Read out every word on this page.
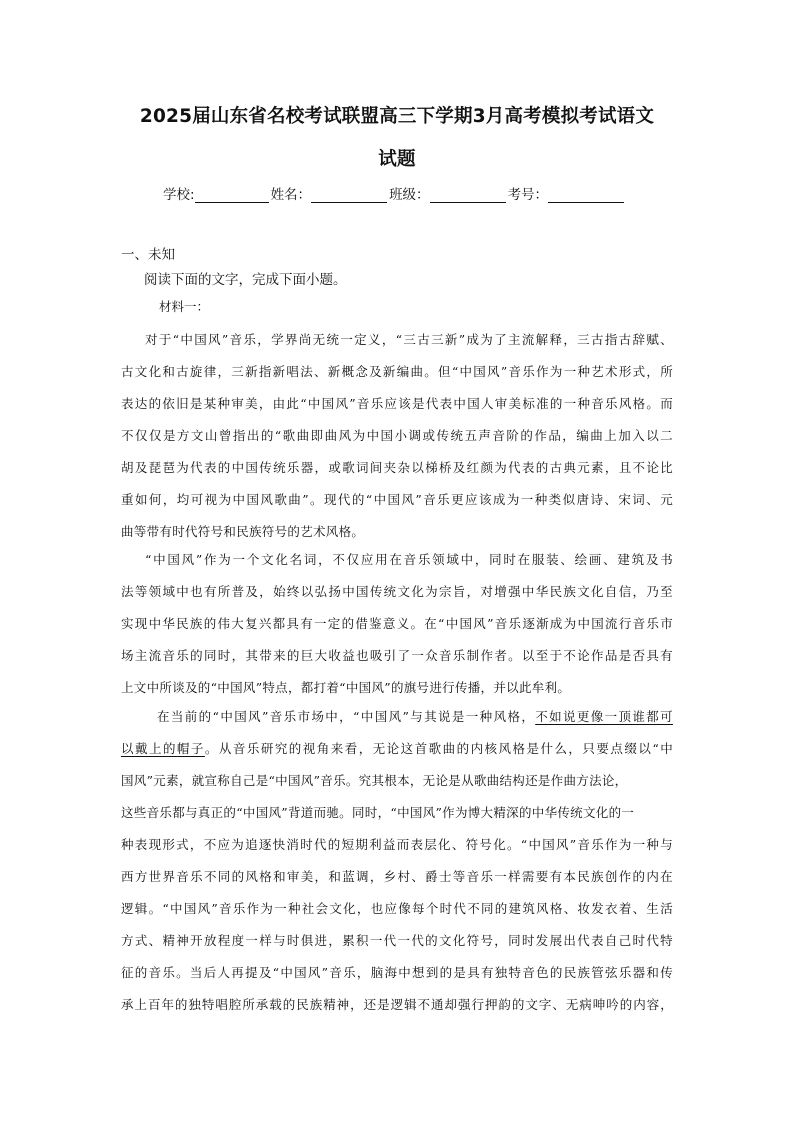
2025届山东省名校考试联盟高三下学期3月高考模拟考试语文
试题
学校:	姓名：	班级：	考号：
一、未知
阅读下面的文字，完成下面小题。
材料一：
对于“中国风”音乐，学界尚无统一定义，“三古三新”成为了主流解释，三古指古辞赋、
古文化和古旋律，三新指新唱法、新概念及新编曲。但“中国风”音乐作为一种艺术形式，所
表达的依旧是某种审美，由此“中国风”音乐应该是代表中国人审美标准的一种音乐风格。而
不仅仅是方文山曾指出的“歌曲即曲风为中国小调或传统五声音阶的作品，编曲上加入以二
胡及琵琶为代表的中国传统乐器，或歌词间夹杂以梯桥及红颜为代表的古典元素，且不论比
重如何，均可视为中国风歌曲”。现代的“中国风”音乐更应该成为一种类似唐诗、宋词、元
曲等带有时代符号和民族符号的艺术风格。
“中国风”作为一个文化名词，不仅应用在音乐领域中，同时在服装、绘画、建筑及书
法等领域中也有所普及，始终以弘扬中国传统文化为宗旨，对增强中华民族文化自信，乃至
实现中华民族的伟大复兴都具有一定的借鉴意义。在“中国风”音乐逐渐成为中国流行音乐市
场主流音乐的同时，其带来的巨大收益也吸引了一众音乐制作者。以至于不论作品是否具有
上文中所谈及的“中国风”特点，都打着“中国风”的旗号进行传播，并以此牟利。
在当前的“中国风”音乐市场中，“中国风”与其说是一种风格，不如说更像一顶谁都可
以戴上的帽子。从音乐研究的视角来看，无论这首歌曲的内核风格是什么，只要点缀以“中
国风”元素，就宣称自己是“中国风”音乐。究其根本，无论是从歌曲结构还是作曲方法论，
这些音乐都与真正的“中国风”背道而驰。同时，“中国风”作为博大精深的中华传统文化的一
种表现形式，不应为追逐快消时代的短期利益而表层化、符号化。“中国风”音乐作为一种与
西方世界音乐不同的风格和审美，和蓝调，乡村、爵士等音乐一样需要有本民族创作的内在
逻辑。“中国风”音乐作为一种社会文化，也应像每个时代不同的建筑风格、妆发衣着、生活
方式、精神开放程度一样与时俱进，累积一代一代的文化符号，同时发展出代表自己时代特
征的音乐。当后人再提及“中国风”音乐，脑海中想到的是具有独特音色的民族管弦乐器和传
承上百年的独特唱腔所承载的民族精神，还是逻辑不通却强行押韵的文字、无病呻吟的内容，
